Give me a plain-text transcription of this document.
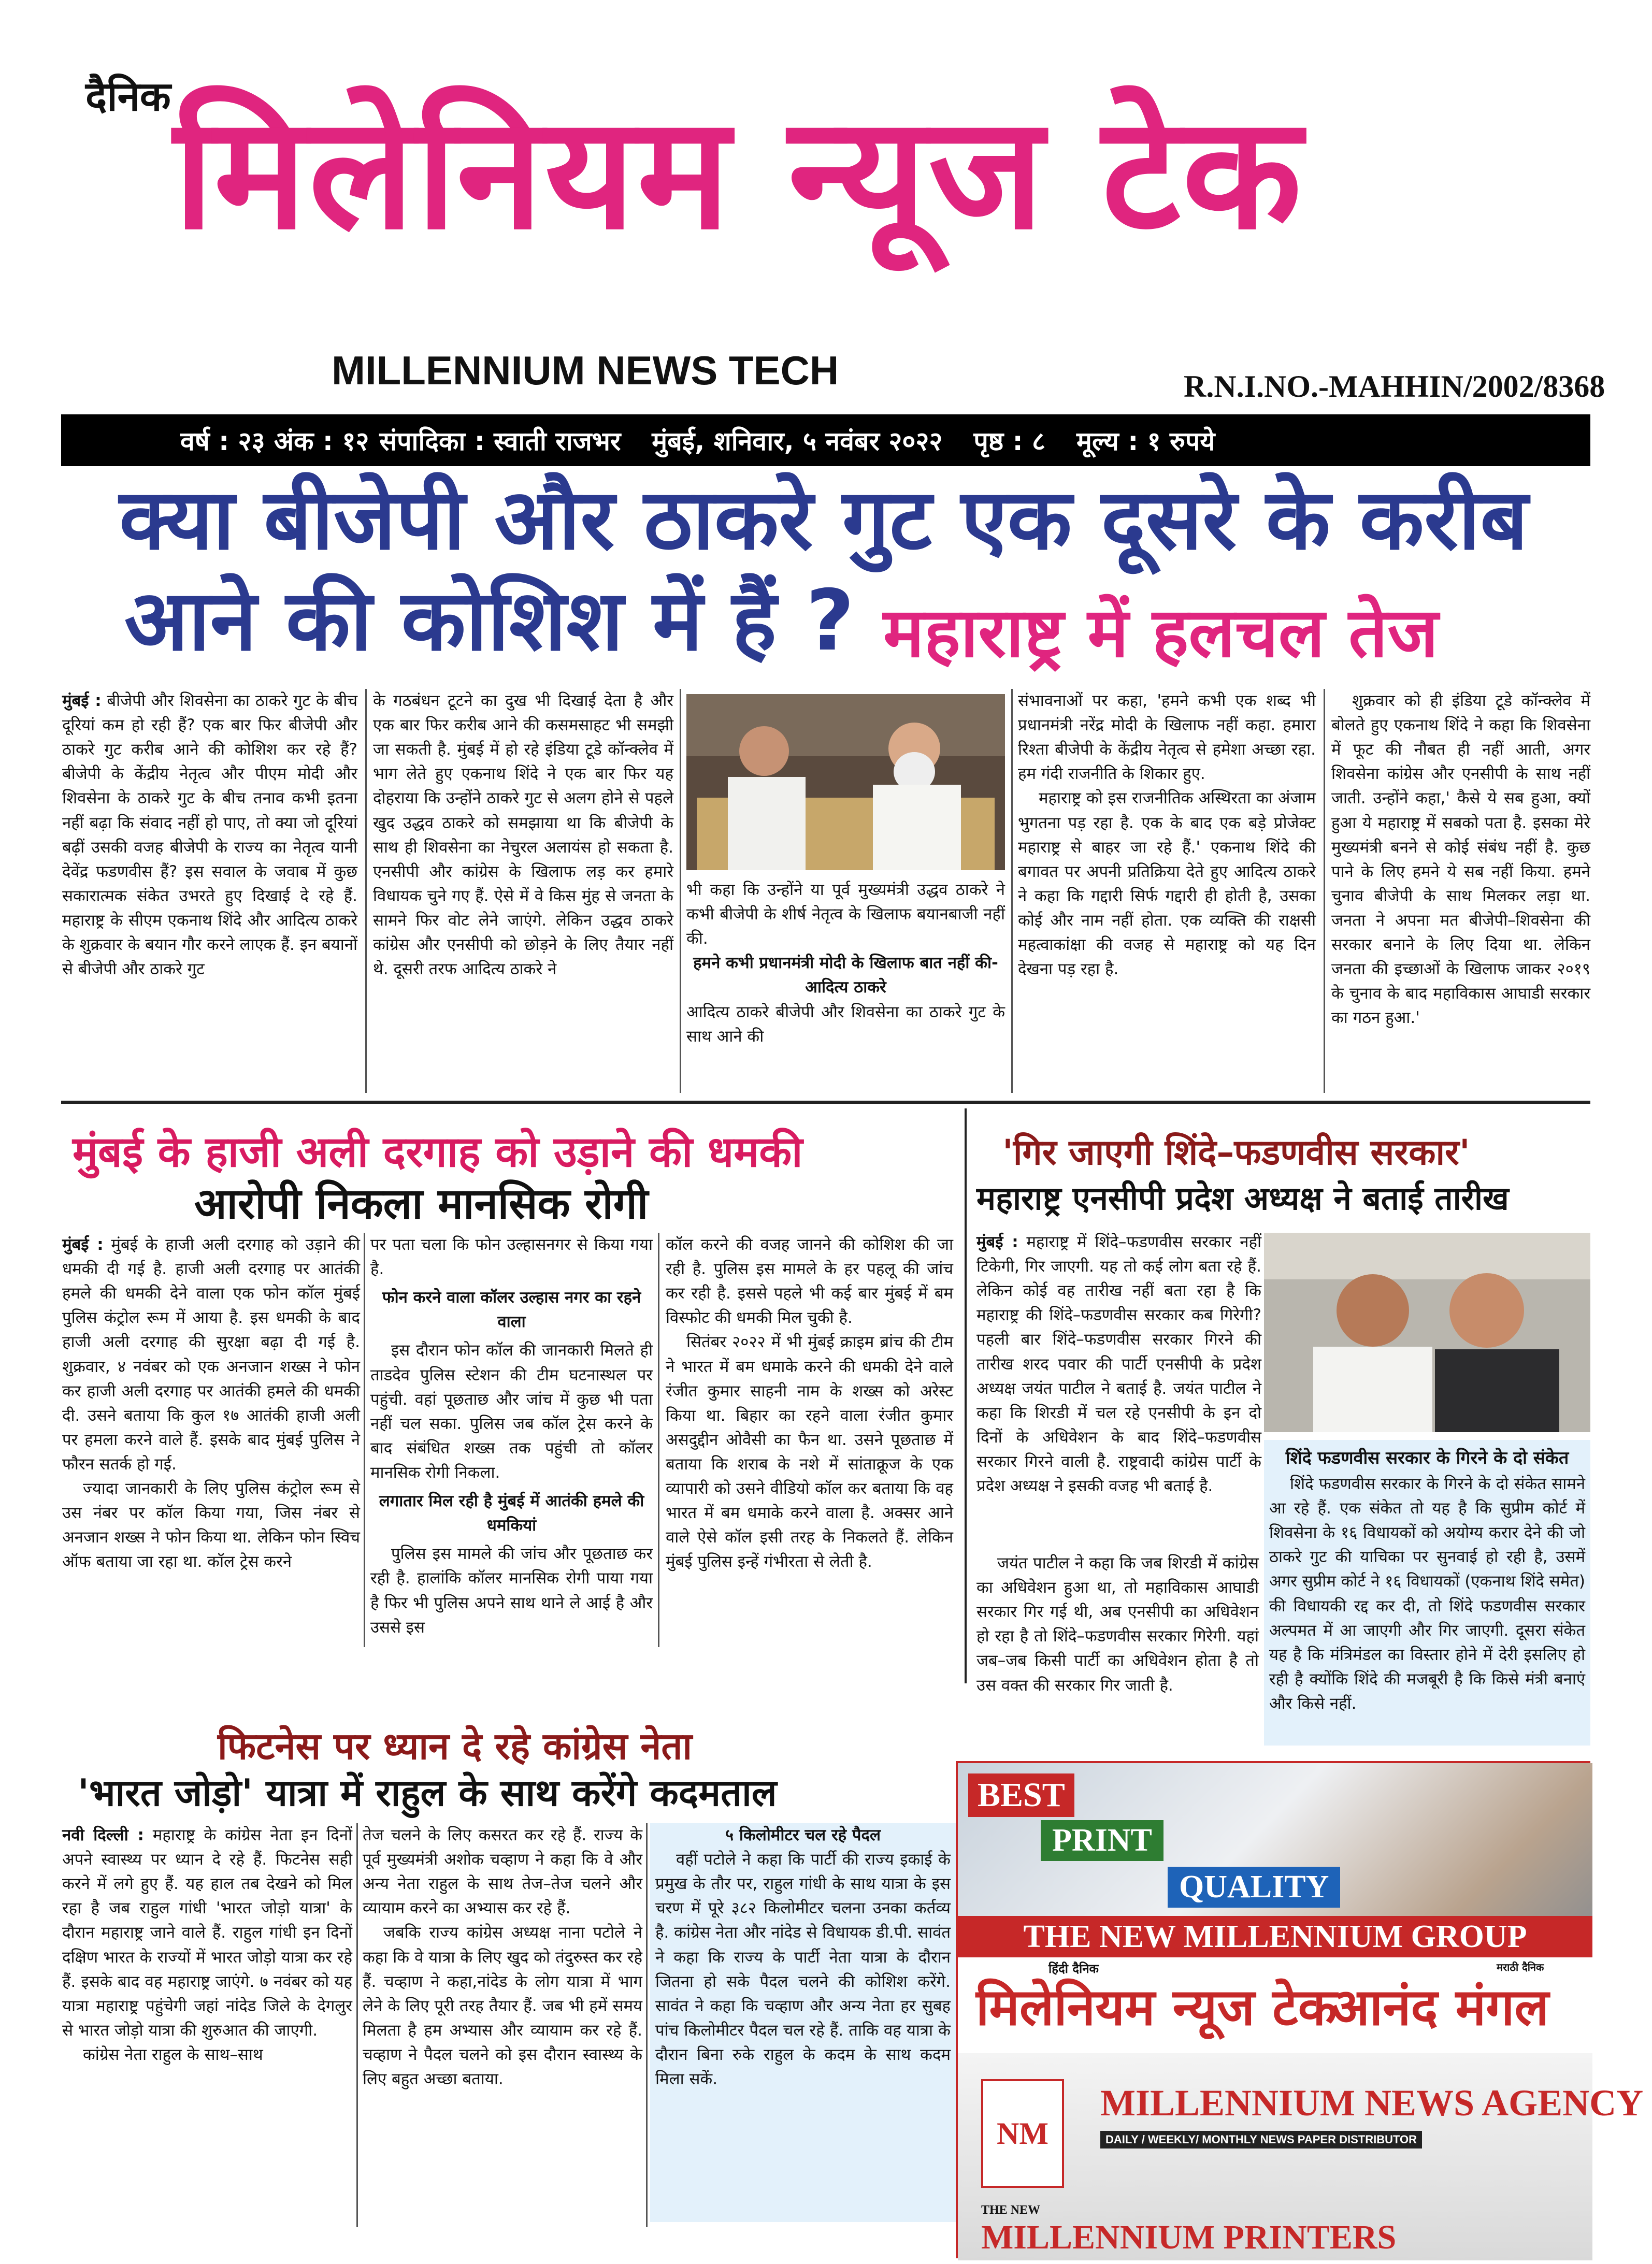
दैनिक मिलेनियम न्यूज टेक
MILLENNIUM NEWS TECH	R.N.I.NO.-MAHHIN/2002/8368
वर्ष : २३ अंक : १२ संपादिका : स्वाती राजभर मुंबई, शनिवार, ५ नवंबर २०२२ पृष्ठ : ८ मूल्य : १ रुपये
क्या बीजेपी और ठाकरे गुट एक दूसरे के करीब
आने की कोशिश में हैं ? महाराष्ट्र में हलचल तेज
मुंबई : बीजेपी और शिवसेना का ठाकरे गुट के बीच दूरियां कम हो रही हैं? एक बार फिर बीजेपी और ठाकरे गुट करीब आने की कोशिश कर रहे हैं? बीजेपी के केंद्रीय नेतृत्व और पीएम मोदी और शिवसेना के ठाकरे गुट के बीच तनाव कभी इतना नहीं बढ़ा कि संवाद नहीं हो पाए, तो क्या जो दूरियां बढ़ीं उसकी वजह बीजेपी के राज्य का नेतृत्व यानी देवेंद्र फडणवीस हैं? इस सवाल के जवाब में कुछ सकारात्मक संकेत उभरते हुए दिखाई दे रहे हैं. महाराष्ट्र के सीएम एकनाथ शिंदे और आदित्य ठाकरे के शुक्रवार के बयान गौर करने लाएक हैं. इन बयानों से बीजेपी और ठाकरे गुट
के गठबंधन टूटने का दुख भी दिखाई देता है और एक बार फिर करीब आने की कसमसाहट भी समझी जा सकती है. मुंबई में हो रहे इंडिया टूडे कॉन्क्लेव में भाग लेते हुए एकनाथ शिंदे ने एक बार फिर यह दोहराया कि उन्होंने ठाकरे गुट से अलग होने से पहले खुद उद्धव ठाकरे को समझाया था कि बीजेपी के साथ ही शिवसेना का नेचुरल अलायंस हो सकता है. एनसीपी और कांग्रेस के खिलाफ लड़ कर हमारे विधायक चुने गए हैं. ऐसे में वे किस मुंह से जनता के सामने फिर वोट लेने जाएंगे. लेकिन उद्धव ठाकरे कांग्रेस और एनसीपी को छोड़ने के लिए तैयार नहीं थे. दूसरी तरफ आदित्य ठाकरे ने
भी कहा कि उन्होंने या पूर्व मुख्यमंत्री उद्धव ठाकरे ने कभी बीजेपी के शीर्ष नेतृत्व के खिलाफ बयानबाजी नहीं की.
हमने कभी प्रधानमंत्री मोदी के खिलाफ बात नहीं की- आदित्य ठाकरे
आदित्य ठाकरे बीजेपी और शिवसेना का ठाकरे गुट के साथ आने की
संभावनाओं पर कहा, 'हमने कभी एक शब्द भी प्रधानमंत्री नरेंद्र मोदी के खिलाफ नहीं कहा. हमारा रिश्ता बीजेपी के केंद्रीय नेतृत्व से हमेशा अच्छा रहा. हम गंदी राजनीति के शिकार हुए.
महाराष्ट्र को इस राजनीतिक अस्थिरता का अंजाम भुगतना पड़ रहा है. एक के बाद एक बड़े प्रोजेक्ट महाराष्ट्र से बाहर जा रहे हैं.' एकनाथ शिंदे की बगावत पर अपनी प्रतिक्रिया देते हुए आदित्य ठाकरे ने कहा कि गद्दारी सिर्फ गद्दारी ही होती है, उसका कोई और नाम नहीं होता. एक व्यक्ति की राक्षसी महत्वाकांक्षा की वजह से महाराष्ट्र को यह दिन देखना पड़ रहा है.
शुक्रवार को ही इंडिया टूडे कॉन्क्लेव में बोलते हुए एकनाथ शिंदे ने कहा कि शिवसेना में फूट की नौबत ही नहीं आती, अगर शिवसेना कांग्रेस और एनसीपी के साथ नहीं जाती. उन्होंने कहा,' कैसे ये सब हुआ, क्यों हुआ ये महाराष्ट्र में सबको पता है. इसका मेरे मुख्यमंत्री बनने से कोई संबंध नहीं है. कुछ पाने के लिए हमने ये सब नहीं किया. हमने चुनाव बीजेपी के साथ मिलकर लड़ा था. जनता ने अपना मत बीजेपी–शिवसेना की सरकार बनाने के लिए दिया था. लेकिन जनता की इच्छाओं के खिलाफ जाकर २०१९ के चुनाव के बाद महाविकास आघाडी सरकार का गठन हुआ.'
मुंबई के हाजी अली दरगाह को उड़ाने की धमकी
आरोपी निकला मानसिक रोगी
मुंबई : मुंबई के हाजी अली दरगाह को उड़ाने की धमकी दी गई है. हाजी अली दरगाह पर आतंकी हमले की धमकी देने वाला एक फोन कॉल मुंबई पुलिस कंट्रोल रूम में आया है. इस धमकी के बाद हाजी अली दरगाह की सुरक्षा बढ़ा दी गई है. शुक्रवार, ४ नवंबर को एक अनजान शख्स ने फोन कर हाजी अली दरगाह पर आतंकी हमले की धमकी दी. उसने बताया कि कुल १७ आतंकी हाजी अली पर हमला करने वाले हैं. इसके बाद मुंबई पुलिस ने फौरन सतर्क हो गई.
ज्यादा जानकारी के लिए पुलिस कंट्रोल रूम से उस नंबर पर कॉल किया गया, जिस नंबर से अनजान शख्स ने फोन किया था. लेकिन फोन स्विच ऑफ बताया जा रहा था. कॉल ट्रेस करने
पर पता चला कि फोन उल्हासनगर से किया गया है.
फोन करने वाला कॉलर उल्हास नगर का रहने वाला
इस दौरान फोन कॉल की जानकारी मिलते ही ताडदेव पुलिस स्टेशन की टीम घटनास्थल पर पहुंची. वहां पूछताछ और जांच में कुछ भी पता नहीं चल सका. पुलिस जब कॉल ट्रेस करने के बाद संबंधित शख्स तक पहुंची तो कॉलर मानसिक रोगी निकला.
लगातार मिल रही है मुंबई में आतंकी हमले की धमकियां
पुलिस इस मामले की जांच और पूछताछ कर रही है. हालांकि कॉलर मानसिक रोगी पाया गया है फिर भी पुलिस अपने साथ थाने ले आई है और उससे इस
कॉल करने की वजह जानने की कोशिश की जा रही है. पुलिस इस मामले के हर पहलू की जांच कर रही है. इससे पहले भी कई बार मुंबई में बम विस्फोट की धमकी मिल चुकी है.
सितंबर २०२२ में भी मुंबई क्राइम ब्रांच की टीम ने भारत में बम धमाके करने की धमकी देने वाले रंजीत कुमार साहनी नाम के शख्स को अरेस्ट किया था. बिहार का रहने वाला रंजीत कुमार असदुद्दीन ओवैसी का फैन था. उसने पूछताछ में बताया कि शराब के नशे में सांताक्रूज के एक व्यापारी को उसने वीडियो कॉल कर बताया कि वह भारत में बम धमाके करने वाला है. अक्सर आने वाले ऐसे कॉल इसी तरह के निकलते हैं. लेकिन मुंबई पुलिस इन्हें गंभीरता से लेती है.
'गिर जाएगी शिंदे–फडणवीस सरकार'
महाराष्ट्र एनसीपी प्रदेश अध्यक्ष ने बताई तारीख
मुंबई : महाराष्ट्र में शिंदे–फडणवीस सरकार नहीं टिकेगी, गिर जाएगी. यह तो कई लोग बता रहे हैं. लेकिन कोई वह तारीख नहीं बता रहा है कि महाराष्ट्र की शिंदे–फडणवीस सरकार कब गिरेगी? पहली बार शिंदे–फडणवीस सरकार गिरने की तारीख शरद पवार की पार्टी एनसीपी के प्रदेश अध्यक्ष जयंत पाटील ने बताई है. जयंत पाटील ने कहा कि शिरडी में चल रहे एनसीपी के इन दो दिनों के अधिवेशन के बाद शिंदे–फडणवीस सरकार गिरने वाली है. राष्ट्रवादी कांग्रेस पार्टी के प्रदेश अध्यक्ष ने इसकी वजह भी बताई है.
शिंदे फडणवीस सरकार के गिरने के दो संकेत
शिंदे फडणवीस सरकार के गिरने के दो संकेत सामने आ रहे हैं. एक संकेत तो यह है कि सुप्रीम कोर्ट में शिवसेना के १६ विधायकों को अयोग्य करार देने की जो ठाकरे गुट की याचिका पर सुनवाई हो रही है, उसमें अगर सुप्रीम कोर्ट ने १६ विधायकों (एकनाथ शिंदे समेत) की विधायकी रद्द कर दी, तो शिंदे फडणवीस सरकार अल्पमत में आ जाएगी और गिर जाएगी. दूसरा संकेत यह है कि मंत्रिमंडल का विस्तार होने में देरी इसलिए हो रही है क्योंकि शिंदे की मजबूरी है कि किसे मंत्री बनाएं और किसे नहीं.
जयंत पाटील ने कहा कि जब शिरडी में कांग्रेस का अधिवेशन हुआ था, तो महाविकास आघाडी सरकार गिर गई थी, अब एनसीपी का अधिवेशन हो रहा है तो शिंदे–फडणवीस सरकार गिरेगी. यहां जब–जब किसी पार्टी का अधिवेशन होता है तो उस वक्त की सरकार गिर जाती है.
फिटनेस पर ध्यान दे रहे कांग्रेस नेता
'भारत जोड़ो' यात्रा में राहुल के साथ करेंगे कदमताल
नवी दिल्ली : महाराष्ट्र के कांग्रेस नेता इन दिनों अपने स्वास्थ्य पर ध्यान दे रहे हैं. फिटनेस सही करने में लगे हुए हैं. यह हाल तब देखने को मिल रहा है जब राहुल गांधी 'भारत जोड़ो यात्रा' के दौरान महाराष्ट्र जाने वाले हैं. राहुल गांधी इन दिनों दक्षिण भारत के राज्यों में भारत जोड़ो यात्रा कर रहे हैं. इसके बाद वह महाराष्ट्र जाएंगे. ७ नवंबर को यह यात्रा महाराष्ट्र पहुंचेगी जहां नांदेड जिले के देगलुर से भारत जोड़ो यात्रा की शुरुआत की जाएगी.
कांग्रेस नेता राहुल के साथ–साथ
तेज चलने के लिए कसरत कर रहे हैं. राज्य के पूर्व मुख्यमंत्री अशोक चव्हाण ने कहा कि वे और अन्य नेता राहुल के साथ तेज–तेज चलने और व्यायाम करने का अभ्यास कर रहे हैं.
जबकि राज्य कांग्रेस अध्यक्ष नाना पटोले ने कहा कि वे यात्रा के लिए खुद को तंदुरुस्त कर रहे हैं. चव्हाण ने कहा,नांदेड के लोग यात्रा में भाग लेने के लिए पूरी तरह तैयार हैं. जब भी हमें समय मिलता है हम अभ्यास और व्यायाम कर रहे हैं. चव्हाण ने पैदल चलने को इस दौरान स्वास्थ्य के लिए बहुत अच्छा बताया.
५ किलोमीटर चल रहे पैदल
वहीं पटोले ने कहा कि पार्टी की राज्य इकाई के प्रमुख के तौर पर, राहुल गांधी के साथ यात्रा के इस चरण में पूरे ३८२ किलोमीटर चलना उनका कर्तव्य है. कांग्रेस नेता और नांदेड से विधायक डी.पी. सावंत ने कहा कि राज्य के पार्टी नेता यात्रा के दौरान जितना हो सके पैदल चलने की कोशिश करेंगे. सावंत ने कहा कि चव्हाण और अन्य नेता हर सुबह पांच किलोमीटर पैदल चल रहे हैं. ताकि वह यात्रा के दौरान बिना रुके राहुल के कदम के साथ कदम मिला सकें.
BEST
PRINT
QUALITY
THE NEW MILLENNIUM GROUP
हिंदी दैनिक
मिलेनियम न्यूज टेक
मराठी दैनिक
आनंद मंगल
NM
MILLENNIUM NEWS AGENCY
DAILY / WEEKLY/ MONTHLY NEWS PAPER DISTRIBUTOR
THE NEW
MILLENNIUM PRINTERS
